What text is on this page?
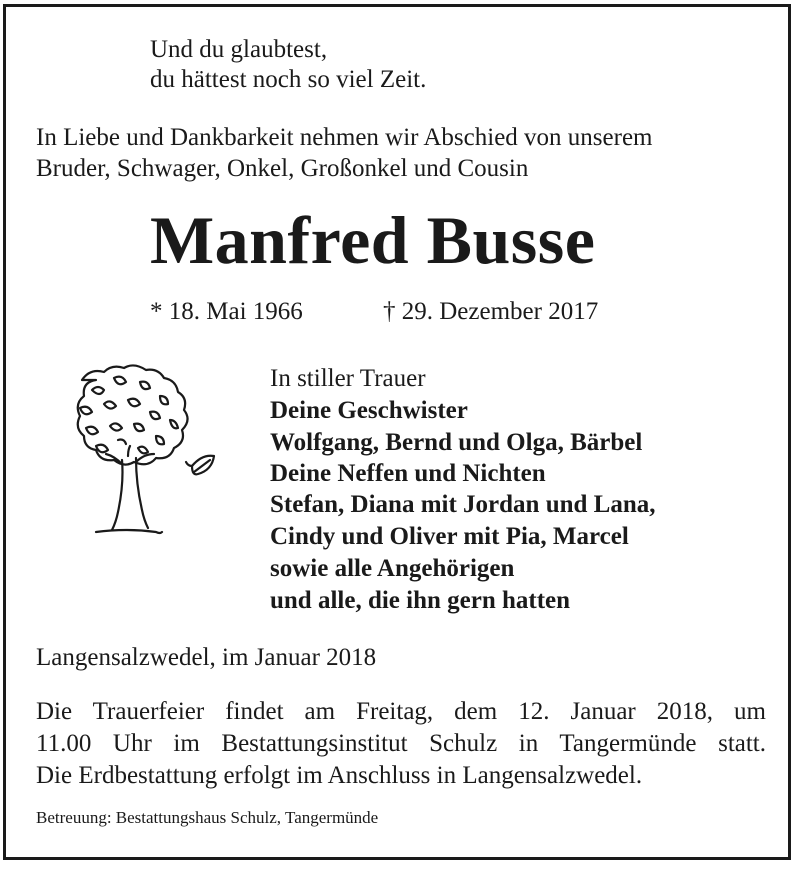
Und du glaubtest,
du hättest noch so viel Zeit.
In Liebe und Dankbarkeit nehmen wir Abschied von unserem
Bruder, Schwager, Onkel, Großonkel und Cousin
Manfred Busse
* 18. Mai 1966	† 29. Dezember 2017
In stiller Trauer
Deine Geschwister
Wolfgang, Bernd und Olga, Bärbel
Deine Neffen und Nichten
Stefan, Diana mit Jordan und Lana,
Cindy und Oliver mit Pia, Marcel
sowie alle Angehörigen
und alle, die ihn gern hatten
Langensalzwedel, im Januar 2018
Die Trauerfeier findet am Freitag, dem 12. Januar 2018, um
11.00 Uhr im Bestattungsinstitut Schulz in Tangermünde statt.
Die Erdbestattung erfolgt im Anschluss in Langensalzwedel.
Betreuung: Bestattungshaus Schulz, Tangermünde
